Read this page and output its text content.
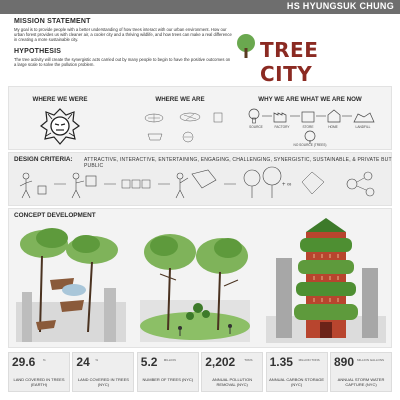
HS HYUNGSUK CHUNG
MISSION STATEMENT
My goal is to provide people with a better understanding of how trees interact with our urban environment. How our urban forest provides us with cleaner air, a cooler city and a thriving wildlife, and how trees can make a real difference in creating a more sustainable city.
HYPOTHESIS
The tree activity will create the synergistic acts carried out by many people to begin to have the positive outcomes on a large scale to solve the pollution problem.
TREE CITY
WHERE WE WERE	WHERE WE ARE	WHY WE ARE WHAT WE ARE NOW
SOURCE	FACTORY	STORE	HOME	LANDFILL
NO SOURCE (TREES)
DESIGN CRITERIA: ATTRACTIVE, INTERACTIVE, ENTERTAINING, ENGAGING, CHALLENGING, SYNERGISTIC, SUSTAINABLE, & PRIVATE BUT PUBLIC
+ ∞
CONCEPT DEVELOPMENT
29.6	%
LAND COVERED IN TREES (EARTH)
24 %
LAND COVERED IN TREES (NYC)
5.2 MILLION
NUMBER OF TREES (NYC)
2,202	TONS
ANNUAL POLLUTION REMOVAL (NYC)
1.35 MILLION TONS
ANNUAL CARBON STORAGE (NYC)
890 MILLION GALLONS
ANNUAL STORM WATER CAPTURE (NYC)
